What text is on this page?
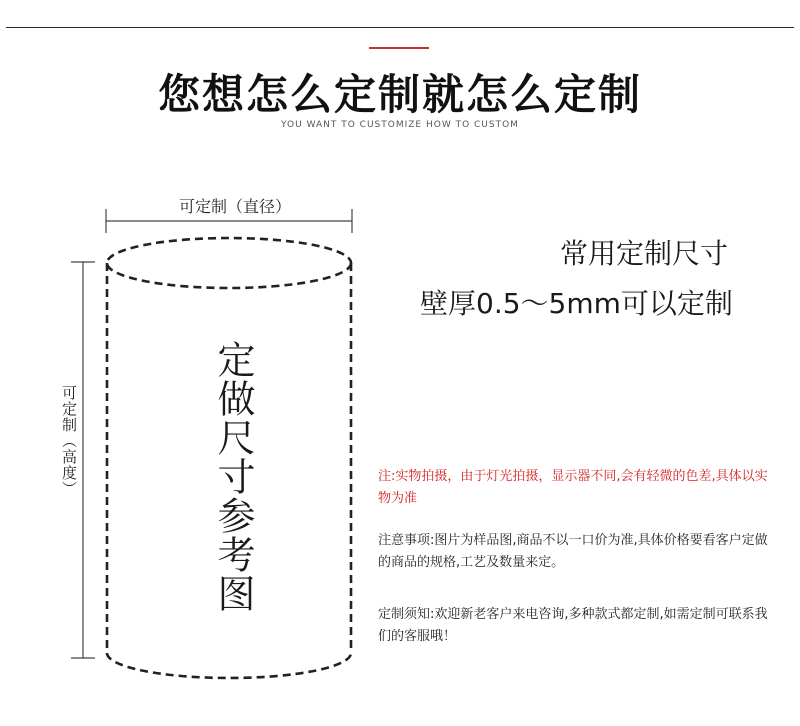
您想怎么定制就怎么定制
YOU WANT TO CUSTOMIZE HOW TO CUSTOM
可定制（直径）
可定制（高度）	定做尺寸参考图
常用定制尺寸
壁厚0.5～5mm可以定制
注:实物拍摄，由于灯光拍摄，显示器不同,会有轻微的色差,具体以实物为准
注意事项:图片为样品图,商品不以一口价为准,具体价格要看客户定做的商品的规格,工艺及数量来定。
定制须知:欢迎新老客户来电咨询,多种款式都定制,如需定制可联系我们的客服哦！
